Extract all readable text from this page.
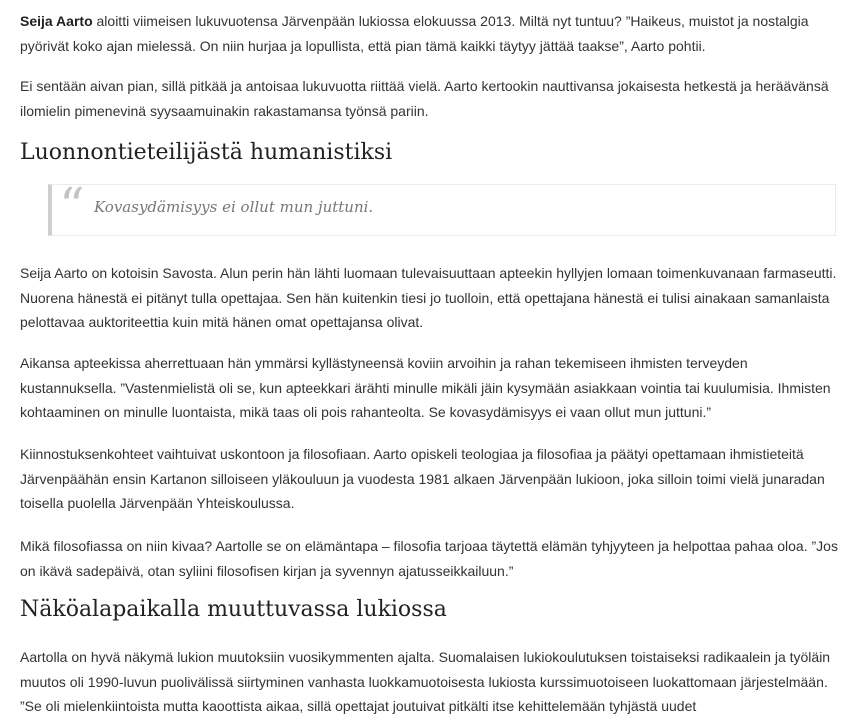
Seija Aarto aloitti viimeisen lukuvuotensa Järvenpään lukiossa elokuussa 2013. Miltä nyt tuntuu? ”Haikeus, muistot ja nostalgia pyörivät koko ajan mielessä. On niin hurjaa ja lopullista, että pian tämä kaikki täytyy jättää taakse”, Aarto pohtii.

Ei sentään aivan pian, sillä pitkää ja antoisaa lukuvuotta riittää vielä. Aarto kertookin nauttivansa jokaisesta hetkestä ja heräävänsä ilomielin pimenevinä syysaamuinakin rakastamansa työnsä pariin.

Luonnontieteilijästä humanistiksi
“ Kovasydämisyys ei ollut mun juttuni.

Seija Aarto on kotoisin Savosta. Alun perin hän lähti luomaan tulevaisuuttaan apteekin hyllyjen lomaan toimenkuvanaan farmaseutti. Nuorena hänestä ei pitänyt tulla opettajaa. Sen hän kuitenkin tiesi jo tuolloin, että opettajana hänestä ei tulisi ainakaan samanlaista pelottavaa auktoriteettia kuin mitä hänen omat opettajansa olivat.

Aikansa apteekissa aherrettuaan hän ymmärsi kyllästyneensä koviin arvoihin ja rahan tekemiseen ihmisten terveyden kustannuksella. ”Vastenmielistä oli se, kun apteekkari ärähti minulle mikäli jäin kysymään asiakkaan vointia tai kuulumisia. Ihmisten kohtaaminen on minulle luontaista, mikä taas oli pois rahanteolta. Se kovasydämisyys ei vaan ollut mun juttuni.”

Kiinnostuksenkohteet vaihtuivat uskontoon ja filosofiaan. Aarto opiskeli teologiaa ja filosofiaa ja päätyi opettamaan ihmistieteitä Järvenpäähän ensin Kartanon silloiseen yläkouluun ja vuodesta 1981 alkaen Järvenpään lukioon, joka silloin toimi vielä junaradan toisella puolella Järvenpään Yhteiskoulussa.

Mikä filosofiassa on niin kivaa? Aartolle se on elämäntapa – filosofia tarjoaa täytettä elämän tyhjyyteen ja helpottaa pahaa oloa. ”Jos on ikävä sadepäivä, otan syliini filosofisen kirjan ja syvennyn ajatusseikkailuun.”

Näköalapaikalla muuttuvassa lukiossa

Aartolla on hyvä näkymä lukion muutoksiin vuosikymmenten ajalta. Suomalaisen lukiokoulutuksen toistaiseksi radikaalein ja työläin muutos oli 1990-luvun puolivälissä siirtyminen vanhasta luokkamuotoisesta lukiosta kurssimuotoiseen luokattomaan järjestelmään. ”Se oli mielenkiintoista mutta kaoottista aikaa, sillä opettajat joutuivat pitkälti itse kehittelemään tyhjästä uudet
